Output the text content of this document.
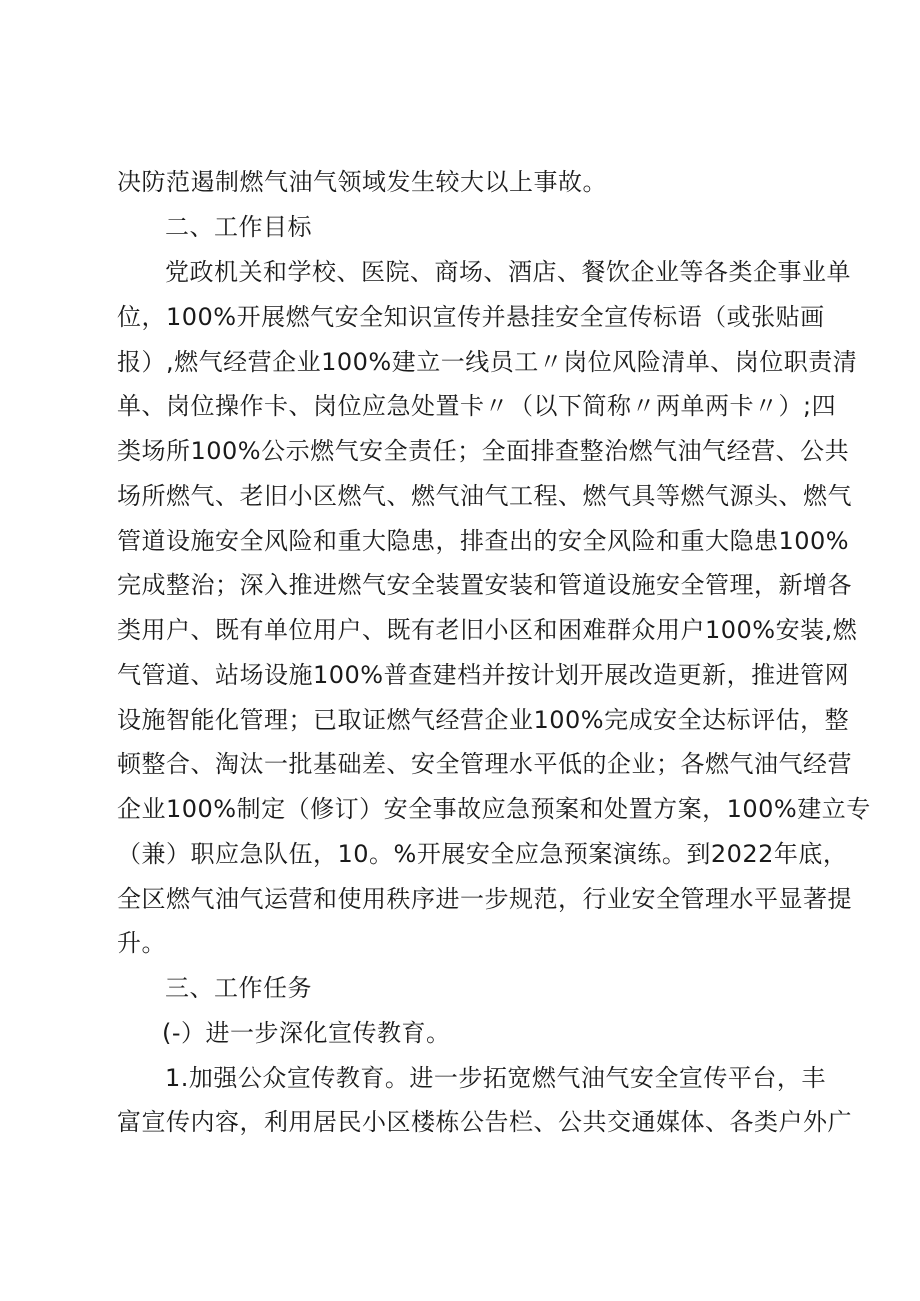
决防范遏制燃气油气领域发生较大以上事故。
二、工作目标
党政机关和学校、医院、商场、酒店、餐饮企业等各类企事业单
位，100%开展燃气安全知识宣传并悬挂安全宣传标语（或张贴画
报）,燃气经营企业100%建立一线员工〃岗位风险清单、岗位职责清
单、岗位操作卡、岗位应急处置卡〃（以下简称〃两单两卡〃）;四
类场所100%公示燃气安全责任；全面排查整治燃气油气经营、公共
场所燃气、老旧小区燃气、燃气油气工程、燃气具等燃气源头、燃气
管道设施安全风险和重大隐患，排查出的安全风险和重大隐患100%
完成整治；深入推进燃气安全装置安装和管道设施安全管理，新增各
类用户、既有单位用户、既有老旧小区和困难群众用户100%安装,燃
气管道、站场设施100%普查建档并按计划开展改造更新，推进管网
设施智能化管理；已取证燃气经营企业100%完成安全达标评估，整
顿整合、淘汰一批基础差、安全管理水平低的企业；各燃气油气经营
企业100%制定（修订）安全事故应急预案和处置方案，100%建立专
（兼）职应急队伍，10。%开展安全应急预案演练。到2022年底，
全区燃气油气运营和使用秩序进一步规范，行业安全管理水平显著提
升。
三、工作任务
(-）进一步深化宣传教育。
1.加强公众宣传教育。进一步拓宽燃气油气安全宣传平台，丰
富宣传内容，利用居民小区楼栋公告栏、公共交通媒体、各类户外广
